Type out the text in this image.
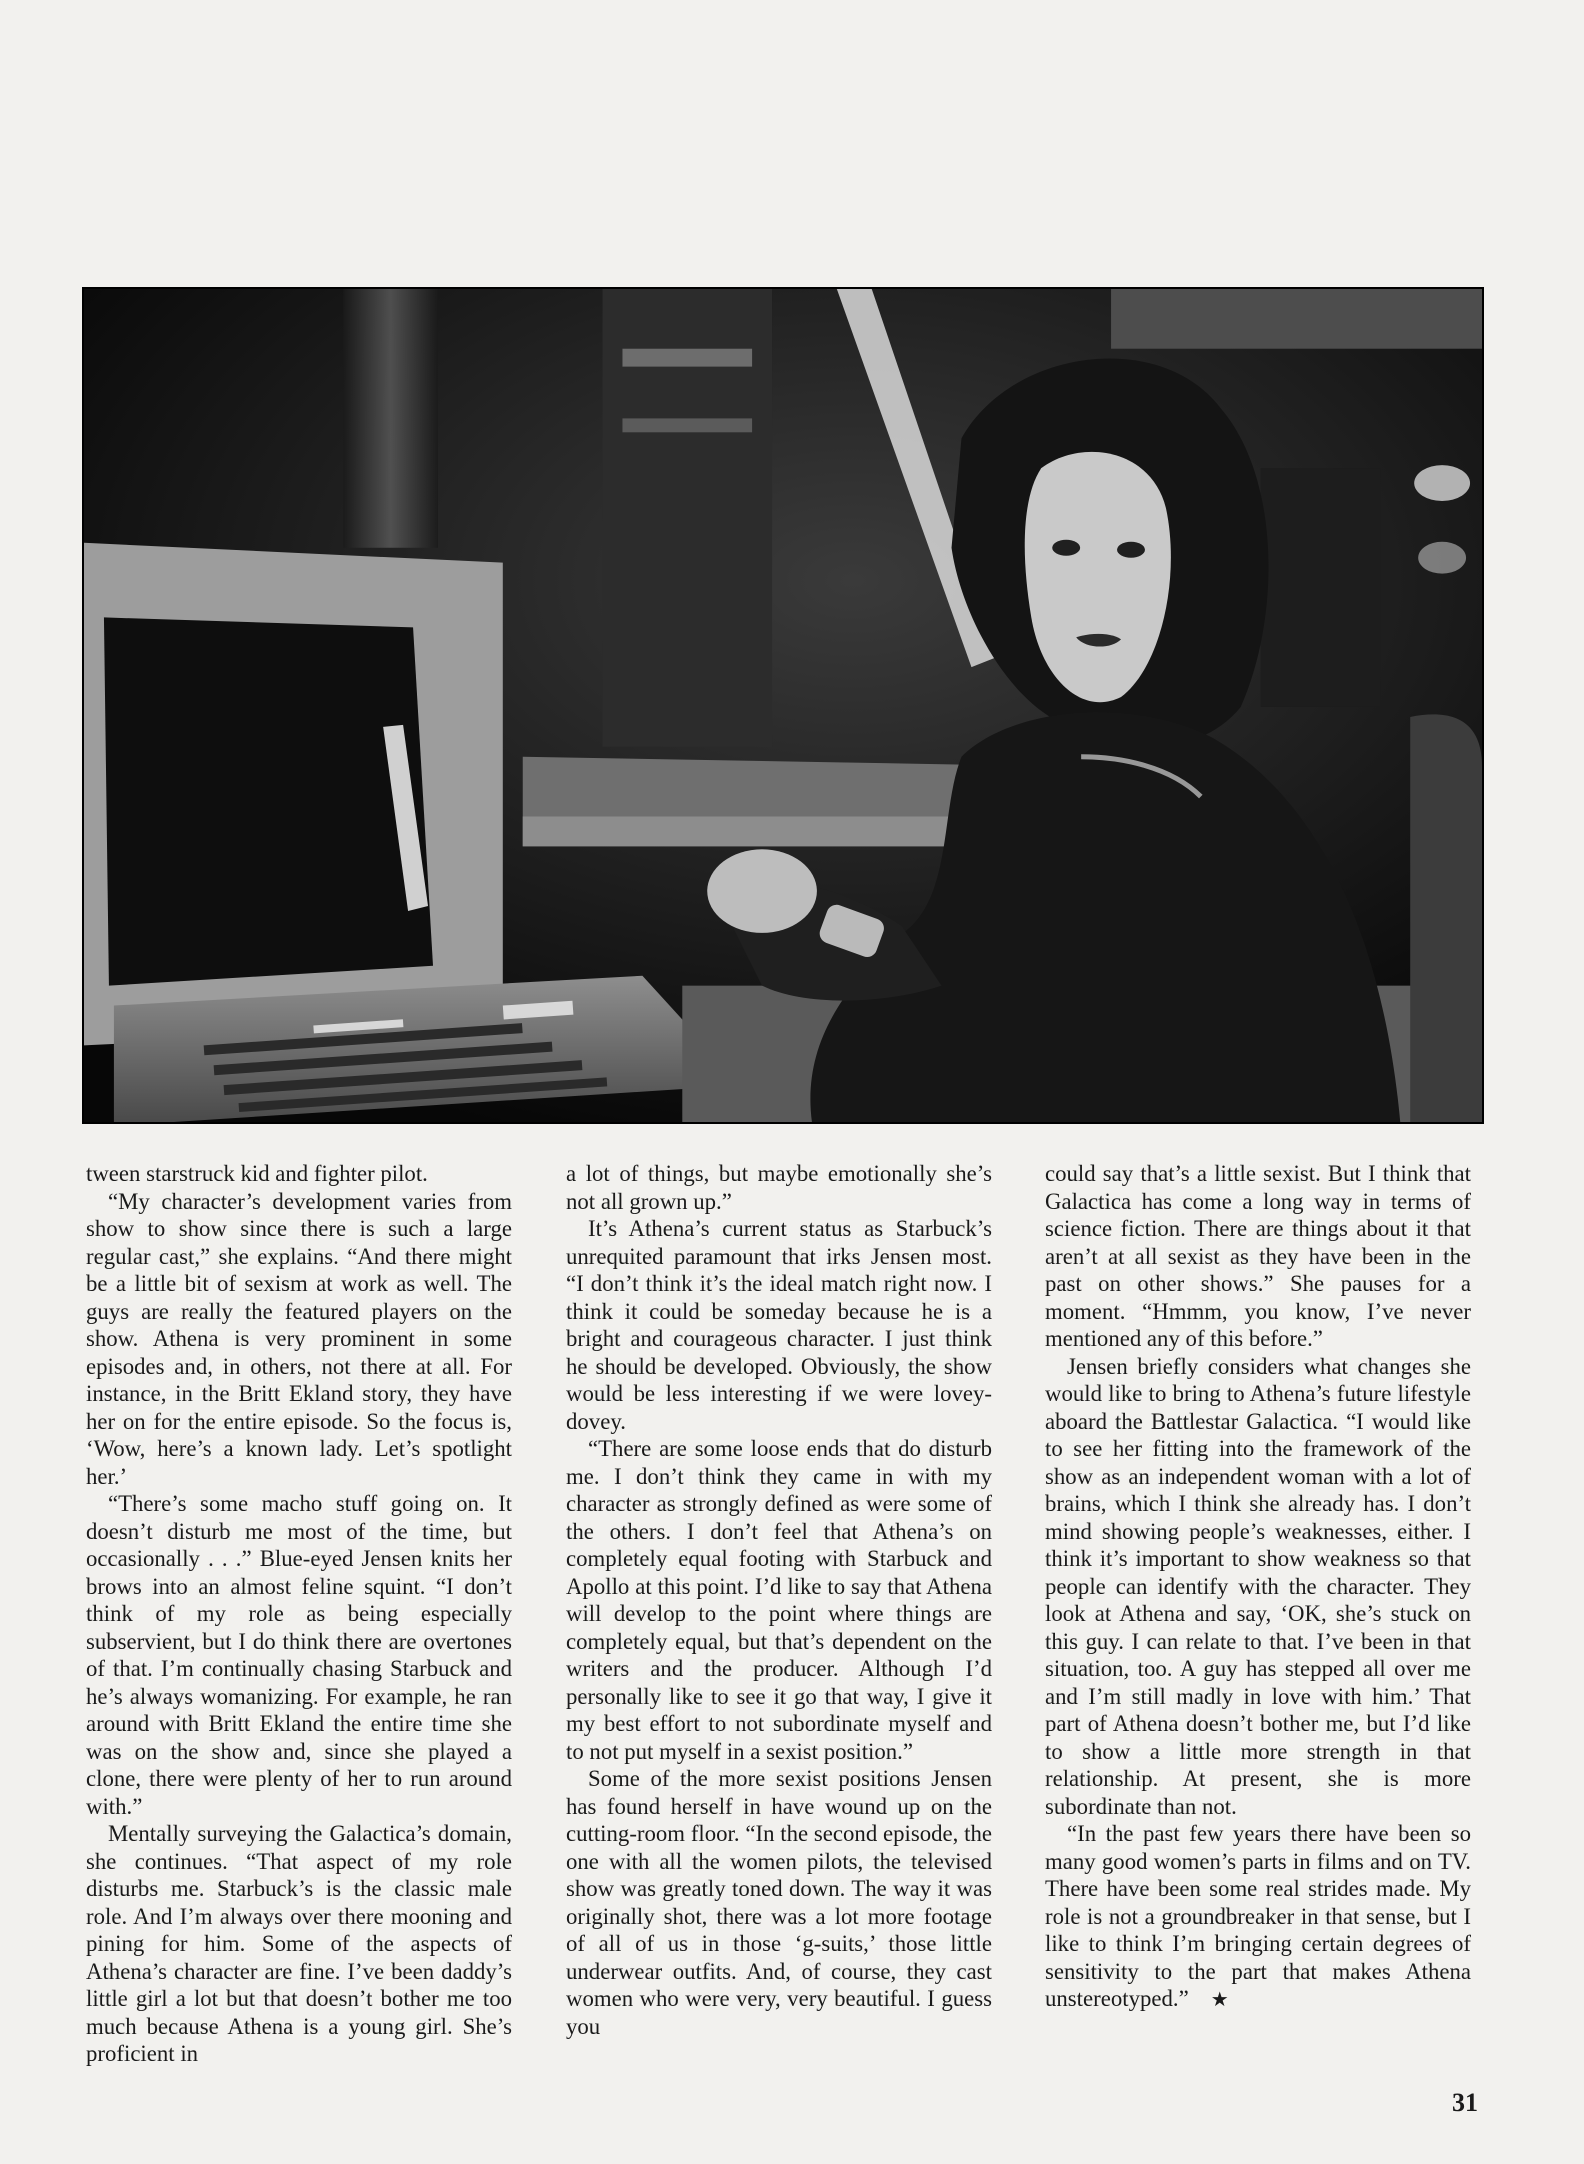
tween starstruck kid and fighter pilot.

“My character’s development varies from show to show since there is such a large regular cast,” she explains. “And there might be a little bit of sexism at work as well. The guys are really the featured players on the show. Athena is very prominent in some episodes and, in others, not there at all. For instance, in the Britt Ekland story, they have her on for the entire episode. So the focus is, ‘Wow, here’s a known lady. Let’s spotlight her.’

“There’s some macho stuff going on. It doesn’t disturb me most of the time, but occasionally . . .” Blue-eyed Jensen knits her brows into an almost feline squint. “I don’t think of my role as being especially subservient, but I do think there are overtones of that. I’m continually chasing Starbuck and he’s always womanizing. For example, he ran around with Britt Ekland the entire time she was on the show and, since she played a clone, there were plenty of her to run around with.”

Mentally surveying the Galactica’s domain, she continues. “That aspect of my role disturbs me. Starbuck’s is the classic male role. And I’m always over there mooning and pining for him. Some of the aspects of Athena’s character are fine. I’ve been daddy’s little girl a lot but that doesn’t bother me too much because Athena is a young girl. She’s proficient in

a lot of things, but maybe emotionally she’s not all grown up.”

It’s Athena’s current status as Starbuck’s unrequited paramount that irks Jensen most. “I don’t think it’s the ideal match right now. I think it could be someday because he is a bright and courageous character. I just think he should be developed. Obviously, the show would be less interesting if we were lovey-dovey.

“There are some loose ends that do disturb me. I don’t think they came in with my character as strongly defined as were some of the others. I don’t feel that Athena’s on completely equal footing with Starbuck and Apollo at this point. I’d like to say that Athena will develop to the point where things are completely equal, but that’s dependent on the writers and the producer. Although I’d personally like to see it go that way, I give it my best effort to not subordinate myself and to not put myself in a sexist position.”

Some of the more sexist positions Jensen has found herself in have wound up on the cutting-room floor. “In the second episode, the one with all the women pilots, the televised show was greatly toned down. The way it was originally shot, there was a lot more footage of all of us in those ‘g-suits,’ those little underwear outfits. And, of course, they cast women who were very, very beautiful. I guess you

could say that’s a little sexist. But I think that Galactica has come a long way in terms of science fiction. There are things about it that aren’t at all sexist as they have been in the past on other shows.” She pauses for a moment. “Hmmm, you know, I’ve never mentioned any of this before.”

Jensen briefly considers what changes she would like to bring to Athena’s future lifestyle aboard the Battlestar Galactica. “I would like to see her fitting into the framework of the show as an independent woman with a lot of brains, which I think she already has. I don’t mind showing people’s weaknesses, either. I think it’s important to show weakness so that people can identify with the character. They look at Athena and say, ‘OK, she’s stuck on this guy. I can relate to that. I’ve been in that situation, too. A guy has stepped all over me and I’m still madly in love with him.’ That part of Athena doesn’t bother me, but I’d like to show a little more strength in that relationship. At present, she is more subordinate than not.

“In the past few years there have been so many good women’s parts in films and on TV. There have been some real strides made. My role is not a groundbreaker in that sense, but I like to think I’m bringing certain degrees of sensitivity to the part that makes Athena unstereotyped.” ★

31
